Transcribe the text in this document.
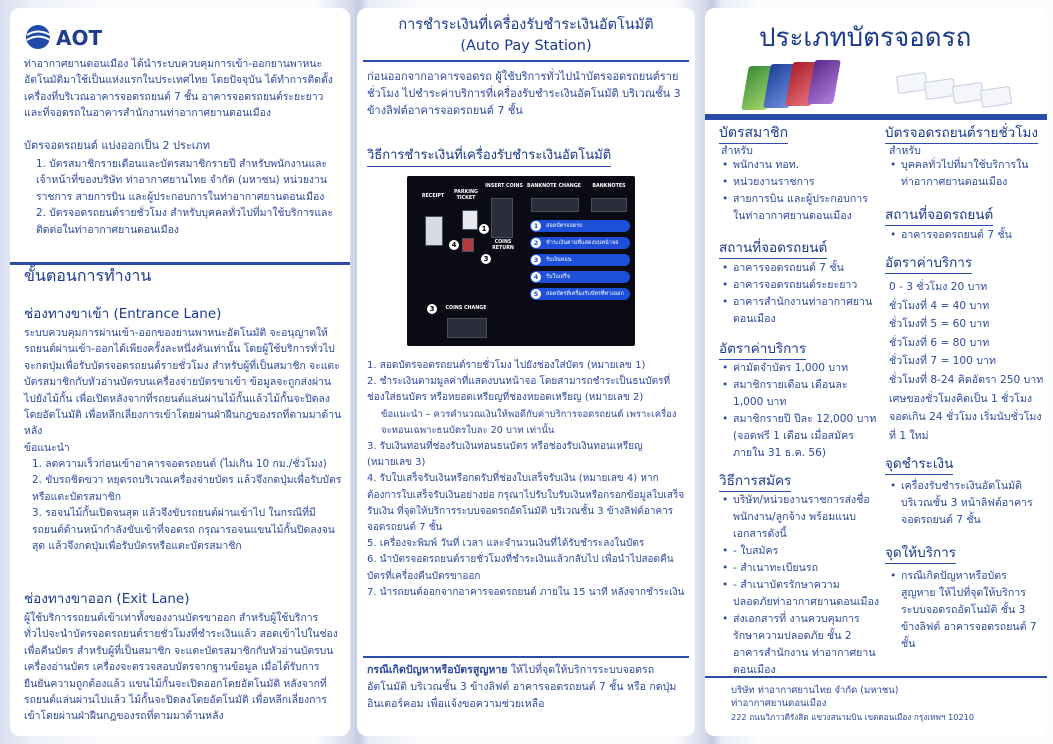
AOT
ท่าอากาศยานดอนเมือง ได้นำระบบควบคุมการเข้า-ออกยานพาหนะอัตโนมัติมาใช้เป็นแห่งแรกในประเทศไทย โดยปัจจุบัน ได้ทำการติดตั้งเครื่องที่บริเวณอาคารจอดรถยนต์ 7 ชั้น อาคารจอดรถยนต์ระยะยาว และที่จอดรถในอาคารสำนักงานท่าอากาศยานดอนเมือง
บัตรจอดรถยนต์ แบ่งออกเป็น 2 ประเภท
1. บัตรสมาชิกรายเดือนและบัตรสมาชิกรายปี สำหรับพนักงานและเจ้าหน้าที่ของบริษัท ท่าอากาศยานไทย จำกัด (มหาชน) หน่วยงานราชการ สายการบิน และผู้ประกอบการในท่าอากาศยานดอนเมือง
2. บัตรจอดรถยนต์รายชั่วโมง สำหรับบุคคลทั่วไปที่มาใช้บริการและติดต่อในท่าอากาศยานดอนเมือง
ขั้นตอนการทำงาน
ช่องทางขาเข้า (Entrance Lane)
ระบบควบคุมการผ่านเข้า-ออกของยานพาหนะอัตโนมัติ จะอนุญาตให้รถยนต์ผ่านเข้า-ออกได้เพียงครั้งละหนึ่งคันเท่านั้น โดยผู้ใช้บริการทั่วไปจะกดปุ่มเพื่อรับบัตรจอดรถยนต์รายชั่วโมง สำหรับผู้ที่เป็นสมาชิก จะแตะบัตรสมาชิกกับหัวอ่านบัตรบนเครื่องจ่ายบัตรขาเข้า ข้อมูลจะถูกส่งผ่านไปยังไม้กั้น เพื่อเปิดหลังจากที่รถยนต์แล่นผ่านไม้กั้นแล้วไม้กั้นจะปิดลงโดยอัตโนมัติ เพื่อหลีกเลี่ยงการเข้าโดยผ่านฝ่าฝืนกฎของรถที่ตามมาด้านหลัง
ข้อแนะนำ
1. ลดความเร็วก่อนเข้าอาคารจอดรถยนต์ (ไม่เกิน 10 กม./ชั่วโมง)
2. ขับรถชิดขวา หยุดรถบริเวณเครื่องจ่ายบัตร แล้วจึงกดปุ่มเพื่อรับบัตร หรือแตะบัตรสมาชิก
3. รอจนไม้กั้นเปิดจนสุด แล้วจึงขับรถยนต์ผ่านเข้าไป ในกรณีที่มีรถยนต์ด้านหน้ากำลังขับเข้าที่จอดรถ กรุณารอจนแขนไม้กั้นปิดลงจนสุด แล้วจึงกดปุ่มเพื่อรับบัตรหรือแตะบัตรสมาชิก
ช่องทางขาออก (Exit Lane)
ผู้ใช้บริการรถยนต์เข้าเท่าทั้งของงานบัตรขาออก สำหรับผู้ใช้บริการทั่วไปจะนำบัตรจอดรถยนต์รายชั่วโมงที่ชำระเงินแล้ว สอดเข้าไปในช่องเพื่อคืนบัตร สำหรับผู้ที่เป็นสมาชิก จะแตะบัตรสมาชิกกับหัวอ่านบัตรบนเครื่องอ่านบัตร เครื่องจะตรวจสอบบัตรจากฐานข้อมูล เมื่อได้รับการยืนยันความถูกต้องแล้ว แขนไม้กั้นจะเปิดออกโดยอัตโนมัติ หลังจากที่รถยนต์แล่นผ่านไปแล้ว ไม้กั้นจะปิดลงโดยอัตโนมัติ เพื่อหลีกเลี่ยงการเข้าโดยผ่านฝ่าฝืนกฎของรถที่ตามมาด้านหลัง
การชำระเงินที่เครื่องรับชำระเงินอัตโนมัติ
(Auto Pay Station)
ก่อนออกจากอาคารจอดรถ ผู้ใช้บริการทั่วไปนำบัตรจอดรถยนต์รายชั่วโมง ไปชำระค่าบริการที่เครื่องรับชำระเงินอัตโนมัติ บริเวณชั้น 3 ข้างลิฟต์อาคารจอดรถยนต์ 7 ชั้น
วิธีการชำระเงินที่เครื่องรับชำระเงินอัตโนมัติ
RECEIPT
PARKING TICKET
INSERT COINS BANKNOTE CHANGE	BANKNOTES
4
1
COINS RETURN
3
1	สอดบัตรจอดรถ
2	ชำระเงินตามที่แสดงบนหน้าจอ
3	รับเงินทอน
4	รับใบเสร็จ
5	สอดบัตรที่เครื่องรับบัตรที่ทางออก
3	COINS CHANGE
1. สอดบัตรจอดรถยนต์รายชั่วโมง ไปยังช่องใส่บัตร (หมายเลข 1)
2. ชำระเงินตามมูลค่าที่แสดงบนหน้าจอ โดยสามารถชำระเป็นธนบัตรที่ช่องใส่ธนบัตร หรือหยอดเหรียญที่ช่องหยอดเหรียญ (หมายเลข 2)
ข้อแนะนำ – ควรคำนวณเงินให้พอดีกับค่าบริการจอดรถยนต์ เพราะเครื่องจะทอนเฉพาะธนบัตรใบละ 20 บาท เท่านั้น
3. รับเงินทอนที่ช่องรับเงินทอนธนบัตร หรือช่องรับเงินทอนเหรียญ (หมายเลข 3)
4. รับใบเสร็จรับเงินหรือกดรับที่ช่องใบเสร็จรับเงิน (หมายเลข 4) หากต้องการใบเสร็จรับเงินอย่างย่อ กรุณาไปรับใบรับเงินหรือกรอกข้อมูลใบเสร็จรับเงิน ที่จุดให้บริการระบบจอดรถอัตโนมัติ บริเวณชั้น 3 ข้างลิฟต์อาคารจอดรถยนต์ 7 ชั้น
5. เครื่องจะพิมพ์ วันที่ เวลา และจำนวนเงินที่ได้รับชำระลงในบัตร
6. นำบัตรจอดรถยนต์รายชั่วโมงที่ชำระเงินแล้วกลับไป เพื่อนำไปสอดคืนบัตรที่เครื่องคืนบัตรขาออก
7. นำรถยนต์ออกจากอาคารจอดรถยนต์ ภายใน 15 นาที หลังจากชำระเงิน
กรณีเกิดปัญหาหรือบัตรสูญหาย ให้ไปที่จุดให้บริการระบบจอดรถอัตโนมัติ บริเวณชั้น 3 ข้างลิฟต์ อาคารจอดรถยนต์ 7 ชั้น หรือ กดปุ่มอินเตอร์คอม เพื่อแจ้งขอความช่วยเหลือ
ประเภทบัตรจอดรถ
บัตรสมาชิก
สำหรับ
• พนักงาน ทอท.
• หน่วยงานราชการ
• สายการบิน และผู้ประกอบการในท่าอากาศยานดอนเมือง
สถานที่จอดรถยนต์
• อาคารจอดรถยนต์ 7 ชั้น
• อาคารจอดรถยนต์ระยะยาว
• อาคารสำนักงานท่าอากาศยานดอนเมือง
อัตราค่าบริการ
• ค่ามัดจำบัตร 1,000 บาท
• สมาชิกรายเดือน เดือนละ 1,000 บาท
• สมาชิกรายปี ปีละ 12,000 บาท (จอดฟรี 1 เดือน เมื่อสมัครภายใน 31 ธ.ค. 56)
วิธีการสมัคร
• บริษัท/หน่วยงานราชการส่งชื่อพนักงาน/ลูกจ้าง พร้อมแนบเอกสารดังนี้
• - ใบสมัคร
• - สำเนาทะเบียนรถ
• - สำเนาบัตรรักษาความปลอดภัยท่าอากาศยานดอนเมือง
• ส่งเอกสารที่ งานควบคุมการรักษาความปลอดภัย ชั้น 2 อาคารสำนักงาน ท่าอากาศยานดอนเมือง
บัตรจอดรถยนต์รายชั่วโมง
สำหรับ
• บุคคลทั่วไปที่มาใช้บริการในท่าอากาศยานดอนเมือง
สถานที่จอดรถยนต์
• อาคารจอดรถยนต์ 7 ชั้น
อัตราค่าบริการ
0 - 3 ชั่วโมง 20 บาท
ชั่วโมงที่ 4 = 40 บาท
ชั่วโมงที่ 5 = 60 บาท
ชั่วโมงที่ 6 = 80 บาท
ชั่วโมงที่ 7 = 100 บาท
ชั่วโมงที่ 8-24 คิดอัตรา 250 บาท
เศษของชั่วโมงคิดเป็น 1 ชั่วโมง
จอดเกิน 24 ชั่วโมง เริ่มนับชั่วโมงที่ 1 ใหม่
จุดชำระเงิน
• เครื่องรับชำระเงินอัตโนมัติ บริเวณชั้น 3 หน้าลิฟต์อาคารจอดรถยนต์ 7 ชั้น
จุดให้บริการ
• กรณีเกิดปัญหาหรือบัตรสูญหาย ให้ไปที่จุดให้บริการระบบจอดรถอัตโนมัติ ชั้น 3 ข้างลิฟต์ อาคารจอดรถยนต์ 7 ชั้น
บริษัท ท่าอากาศยานไทย จำกัด (มหาชน)
ท่าอากาศยานดอนเมือง
222 ถนนวิภาวดีรังสิต แขวงสนามบิน เขตดอนเมือง กรุงเทพฯ 10210
